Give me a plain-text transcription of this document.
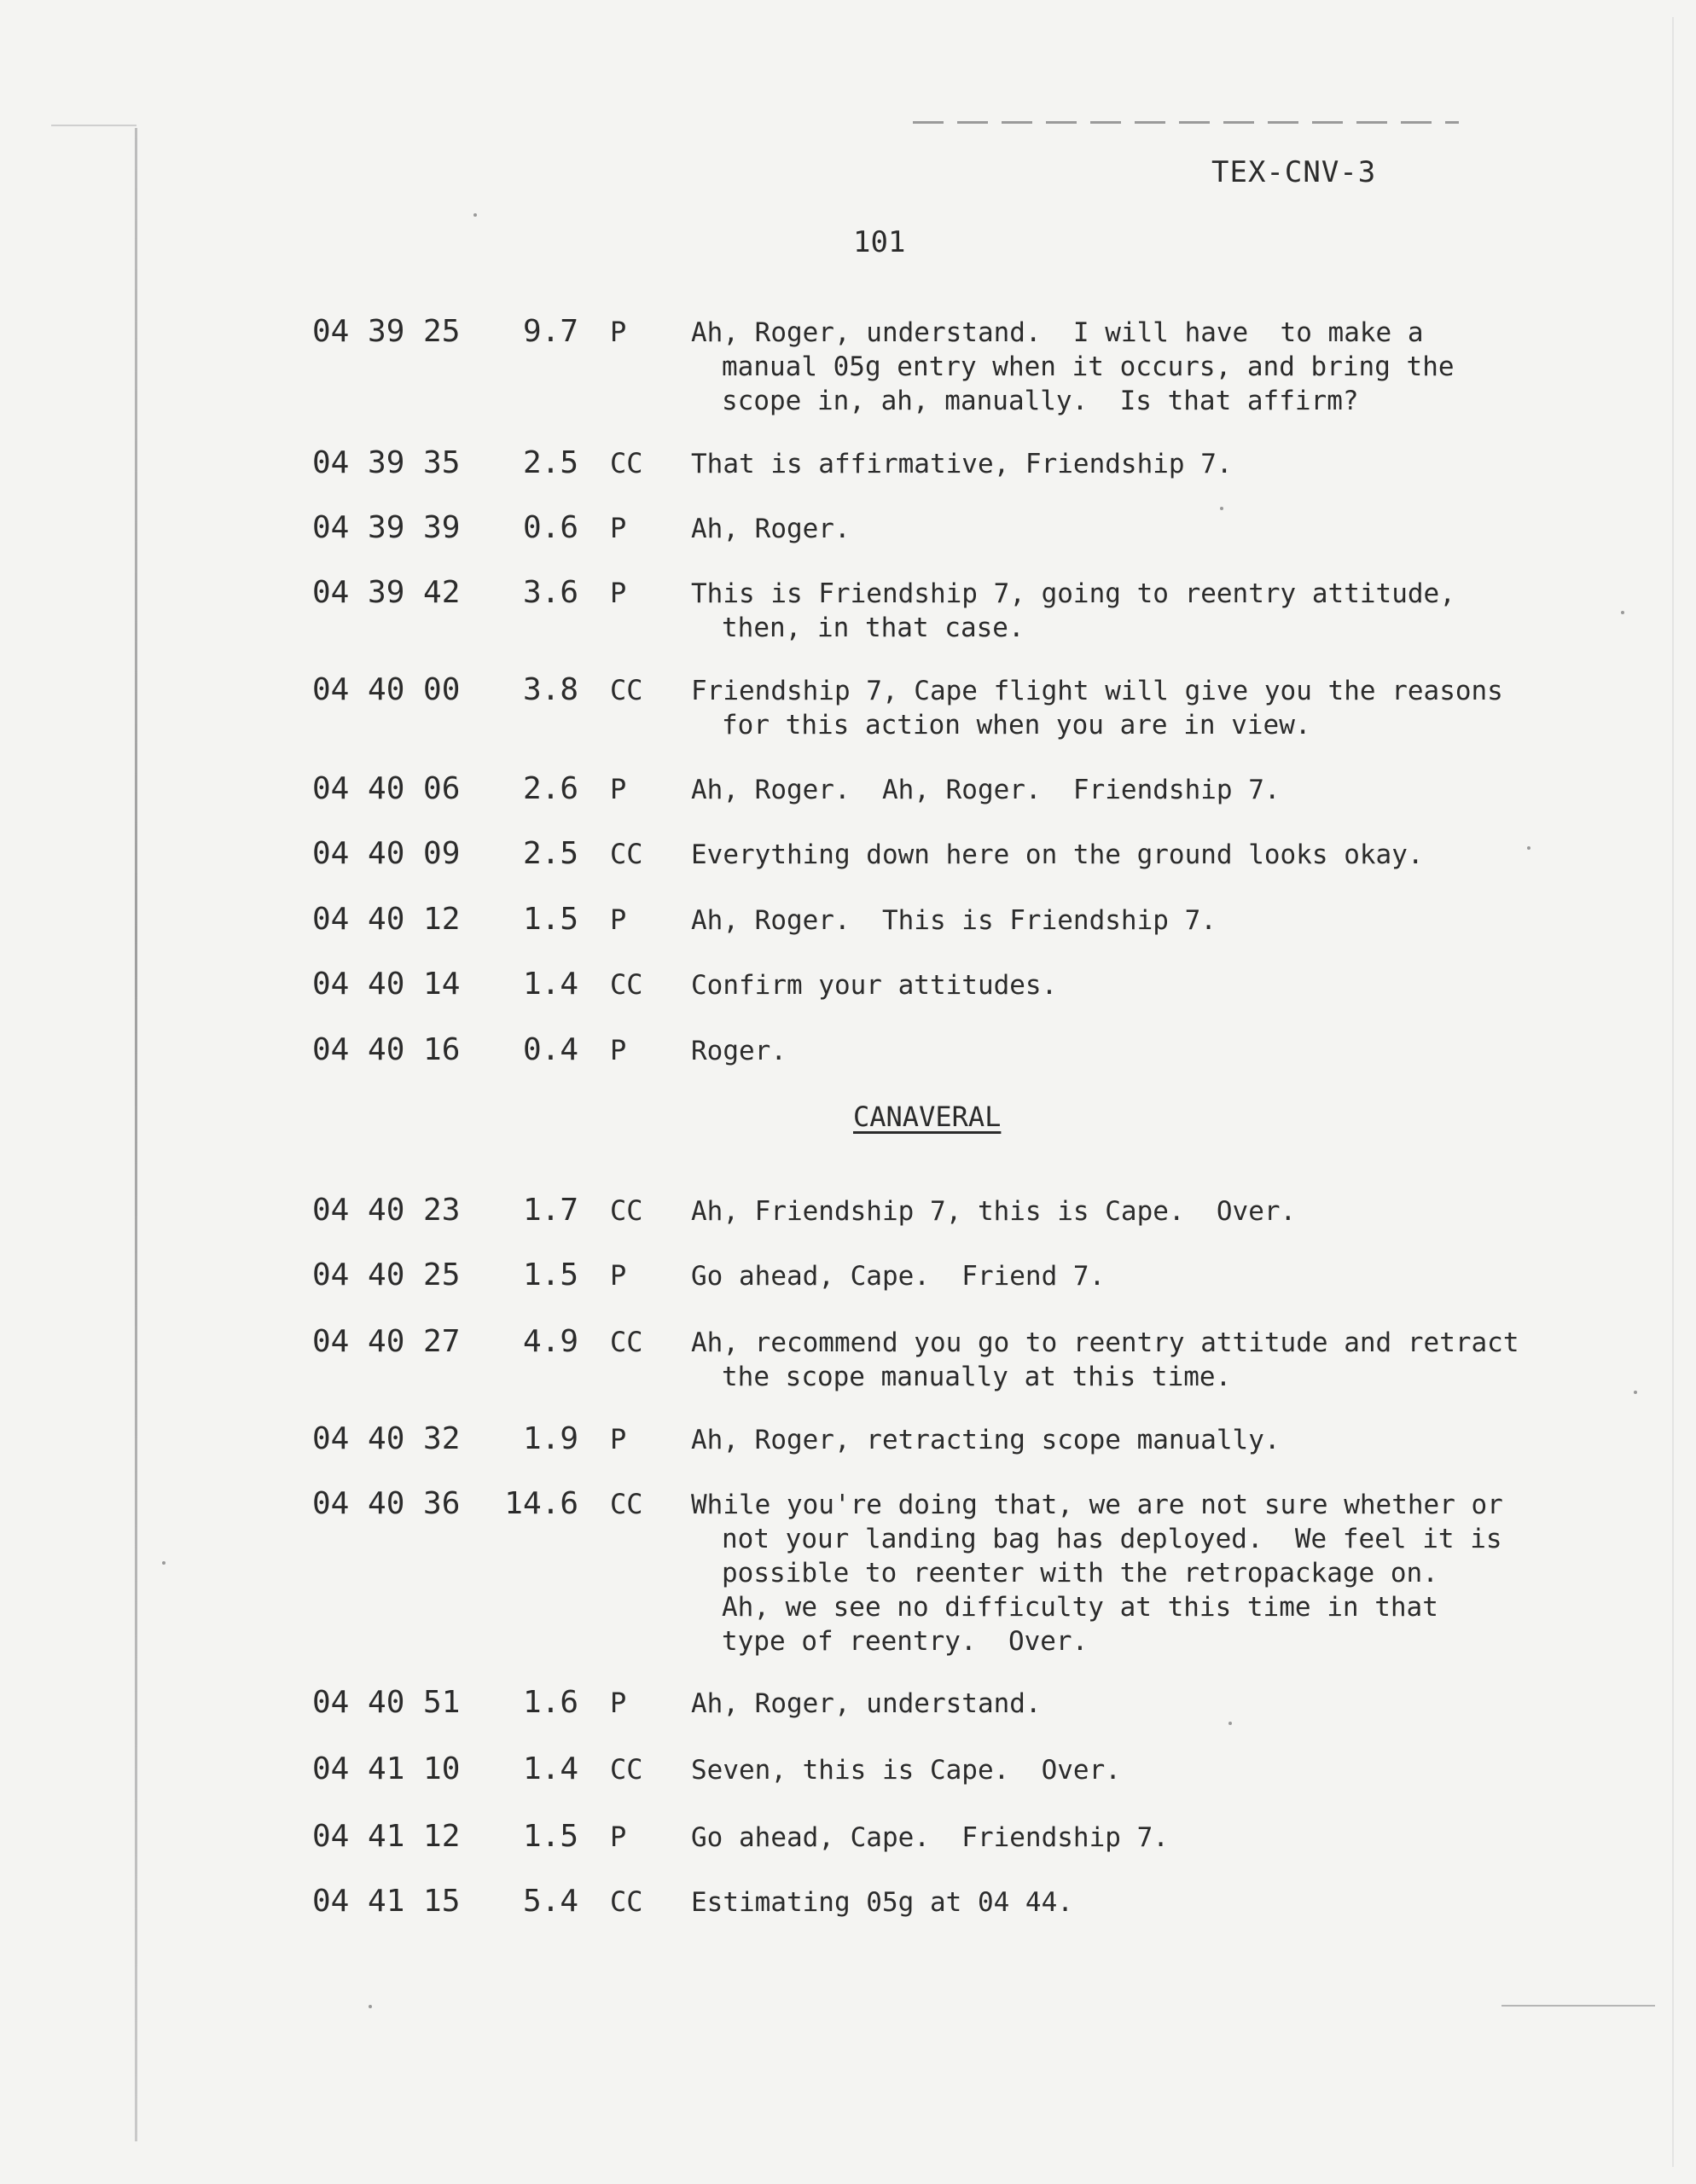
TEX-CNV-3
101
CANAVERAL
04 39 25	9.7 P	Ah, Roger, understand.  I will have  to make a
manual 05g entry when it occurs, and bring the
scope in, ah, manually.  Is that affirm?
04 39 35	2.5 CC	That is affirmative, Friendship 7.
04 39 39	0.6 P	Ah, Roger.
04 39 42	3.6 P	This is Friendship 7, going to reentry attitude,
then, in that case.
04 40 00	3.8 CC	Friendship 7, Cape flight will give you the reasons
for this action when you are in view.
04 40 06	2.6 P	Ah, Roger.  Ah, Roger.  Friendship 7.
04 40 09	2.5 CC	Everything down here on the ground looks okay.
04 40 12	1.5 P	Ah, Roger.  This is Friendship 7.
04 40 14	1.4 CC	Confirm your attitudes.
04 40 16	0.4 P	Roger.
04 40 23	1.7 CC	Ah, Friendship 7, this is Cape.  Over.
04 40 25	1.5 P	Go ahead, Cape.  Friend 7.
04 40 27	4.9 CC	Ah, recommend you go to reentry attitude and retract
the scope manually at this time.
04 40 32	1.9 P	Ah, Roger, retracting scope manually.
04 40 36	14.6 CC	While you're doing that, we are not sure whether or
not your landing bag has deployed.  We feel it is
possible to reenter with the retropackage on.
Ah, we see no difficulty at this time in that
type of reentry.  Over.
04 40 51	1.6 P	Ah, Roger, understand.
04 41 10	1.4 CC	Seven, this is Cape.  Over.
04 41 12	1.5 P	Go ahead, Cape.  Friendship 7.
04 41 15	5.4 CC	Estimating 05g at 04 44.
